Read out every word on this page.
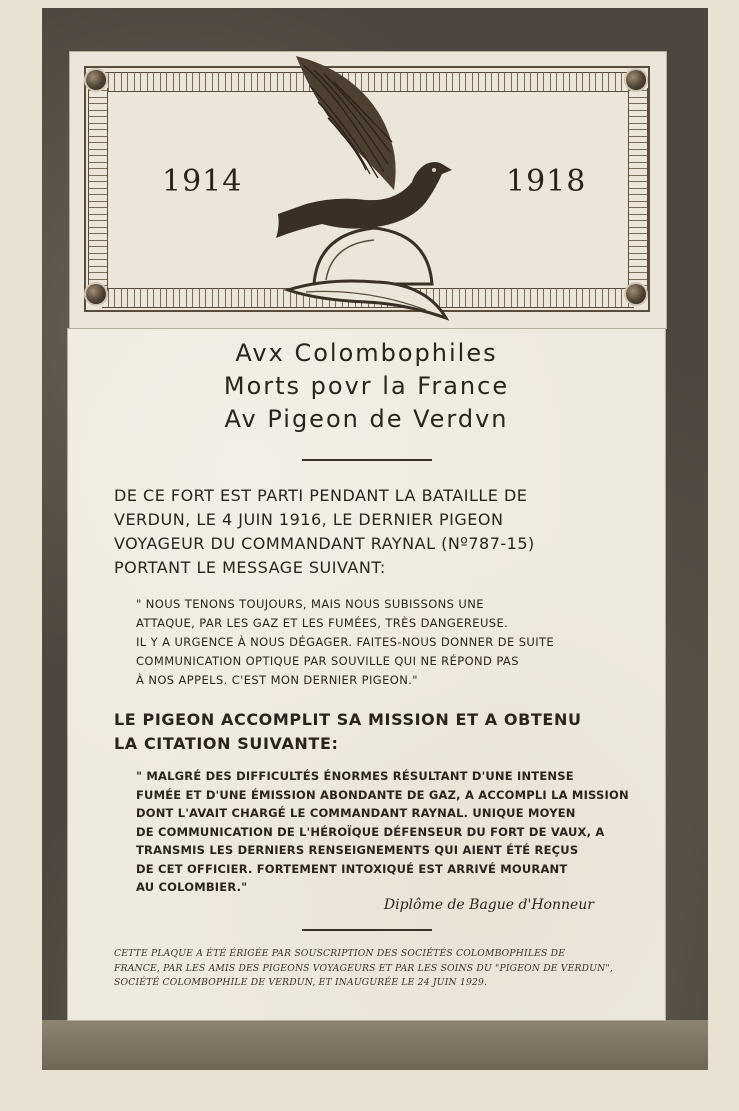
1914	1918
Avx Colombophiles
Morts povr la France
Av Pigeon de Verdvn
DE CE FORT EST PARTI PENDANT LA BATAILLE DE
VERDUN, LE 4 JUIN 1916, LE DERNIER PIGEON
VOYAGEUR DU COMMANDANT RAYNAL (Nº787-15)
PORTANT LE MESSAGE SUIVANT:
" NOUS TENONS TOUJOURS, MAIS NOUS SUBISSONS UNE
ATTAQUE, PAR LES GAZ ET LES FUMÉES, TRÈS DANGEREUSE.
IL Y A URGENCE À NOUS DÉGAGER. FAITES-NOUS DONNER DE SUITE
COMMUNICATION OPTIQUE PAR SOUVILLE QUI NE RÉPOND PAS
À NOS APPELS. C'EST MON DERNIER PIGEON."
LE PIGEON ACCOMPLIT SA MISSION ET A OBTENU
LA CITATION SUIVANTE:
" MALGRÉ DES DIFFICULTÉS ÉNORMES RÉSULTANT D'UNE INTENSE
FUMÉE ET D'UNE ÉMISSION ABONDANTE DE GAZ, A ACCOMPLI LA MISSION
DONT L'AVAIT CHARGÉ LE COMMANDANT RAYNAL. UNIQUE MOYEN
DE COMMUNICATION DE L'HÉROÏQUE DÉFENSEUR DU FORT DE VAUX, A
TRANSMIS LES DERNIERS RENSEIGNEMENTS QUI AIENT ÉTÉ REÇUS
DE CET OFFICIER. FORTEMENT INTOXIQUÉ EST ARRIVÉ MOURANT
AU COLOMBIER."
Diplôme de Bague d'Honneur
CETTE PLAQUE A ÉTÉ ÉRIGÉE PAR SOUSCRIPTION DES SOCIÉTÉS COLOMBOPHILES DE
FRANCE, PAR LES AMIS DES PIGEONS VOYAGEURS ET PAR LES SOINS DU "PIGEON DE VERDUN",
SOCIÉTÉ COLOMBOPHILE DE VERDUN, ET INAUGURÉE LE 24 JUIN 1929.
